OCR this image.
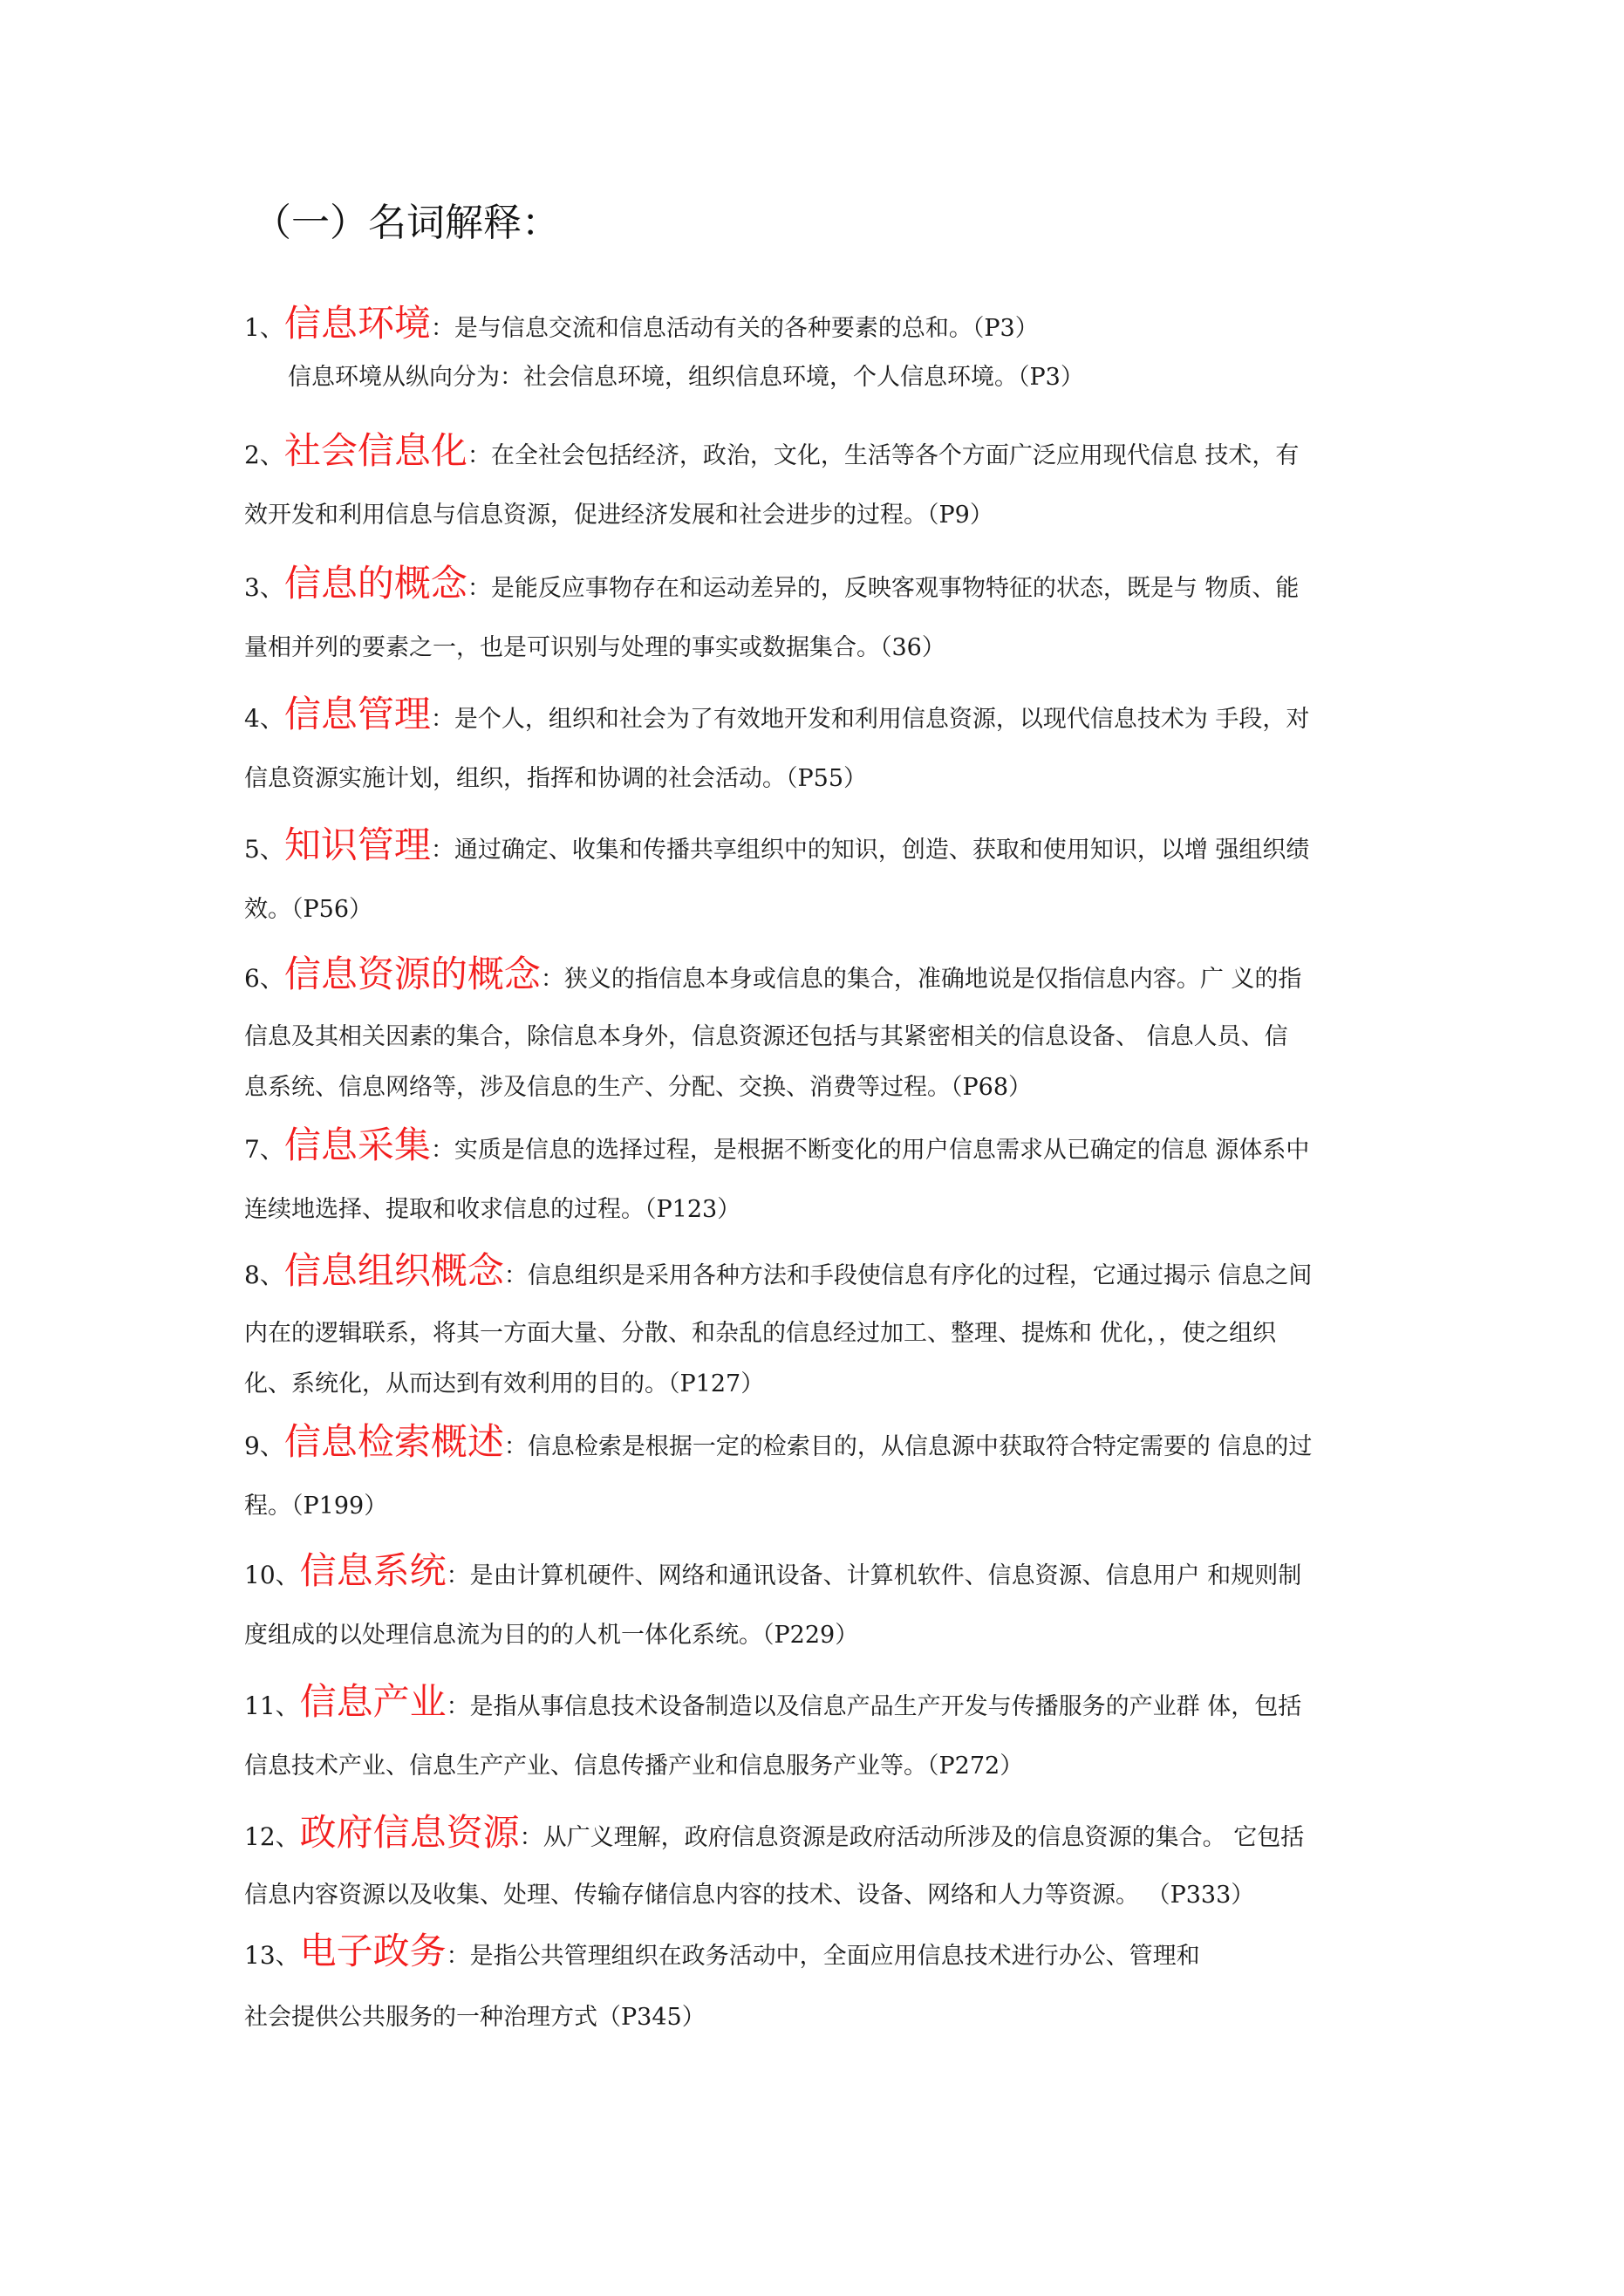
（一）名词解释：
1、信息环境：是与信息交流和信息活动有关的各种要素的总和。（P3）
信息环境从纵向分为：社会信息环境，组织信息环境，个人信息环境。（P3）
2、社会信息化：在全社会包括经济，政治，文化，生活等各个方面广泛应用现代信息 技术，有
效开发和利用信息与信息资源，促进经济发展和社会进步的过程。（P9）
3、信息的概念：是能反应事物存在和运动差异的，反映客观事物特征的状态，既是与 物质、能
量相并列的要素之一，也是可识别与处理的事实或数据集合。（36）
4、信息管理：是个人，组织和社会为了有效地开发和利用信息资源，以现代信息技术为 手段，对
信息资源实施计划，组织，指挥和协调的社会活动。（P55）
5、知识管理：通过确定、收集和传播共享组织中的知识，创造、获取和使用知识，以增 强组织绩
效。（P56）
6、信息资源的概念：狭义的指信息本身或信息的集合，准确地说是仅指信息内容。广 义的指
信息及其相关因素的集合，除信息本身外，信息资源还包括与其紧密相关的信息设备、 信息人员、信
息系统、信息网络等，涉及信息的生产、分配、交换、消费等过程。（P68）
7、信息采集：实质是信息的选择过程，是根据不断变化的用户信息需求从已确定的信息 源体系中
连续地选择、提取和收求信息的过程。（P123）
8、信息组织概念：信息组织是采用各种方法和手段使信息有序化的过程，它通过揭示 信息之间
内在的逻辑联系，将其一方面大量、分散、和杂乱的信息经过加工、整理、提炼和 优化，，使之组织
化、系统化，从而达到有效利用的目的。（P127）
9、信息检索概述：信息检索是根据一定的检索目的，从信息源中获取符合特定需要的 信息的过
程。（P199）
10、信息系统：是由计算机硬件、网络和通讯设备、计算机软件、信息资源、信息用户 和规则制
度组成的以处理信息流为目的的人机一体化系统。（P229）
11、信息产业：是指从事信息技术设备制造以及信息产品生产开发与传播服务的产业群 体，包括
信息技术产业、信息生产产业、信息传播产业和信息服务产业等。（P272）
12、政府信息资源：从广义理解，政府信息资源是政府活动所涉及的信息资源的集合。 它包括
信息内容资源以及收集、处理、传输存储信息内容的技术、设备、网络和人力等资源。 （P333）
13、电子政务：是指公共管理组织在政务活动中，全面应用信息技术进行办公、管理和
社会提供公共服务的一种治理方式（P345）
